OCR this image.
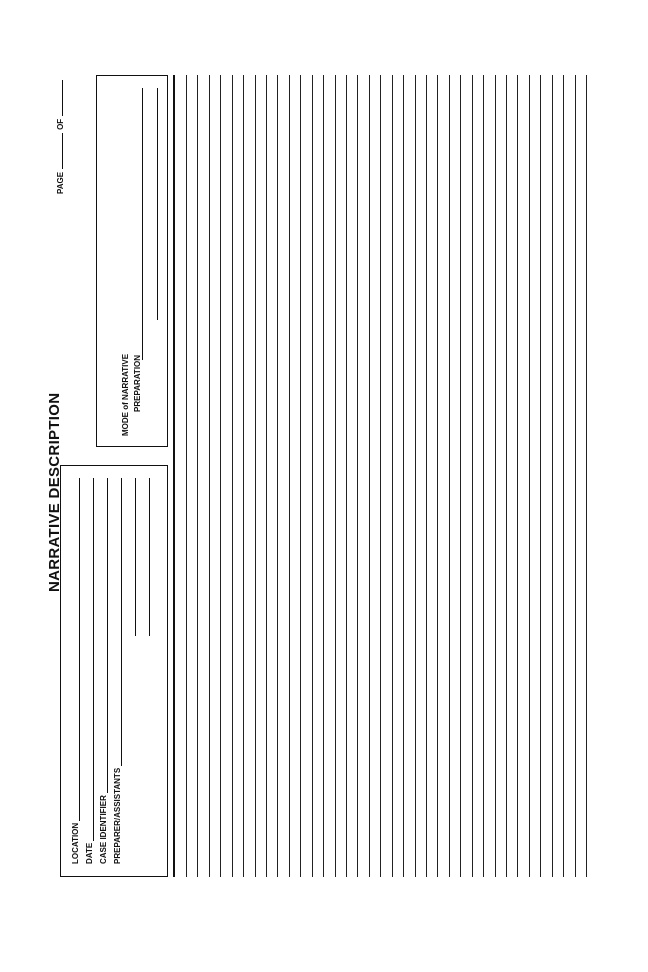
NARRATIVE DESCRIPTION
PAGEOF
LOCATION DATE CASE IDENTIFIER PREPARER/ASSISTANTS
MODE of NARRATIVE PREPARATION
